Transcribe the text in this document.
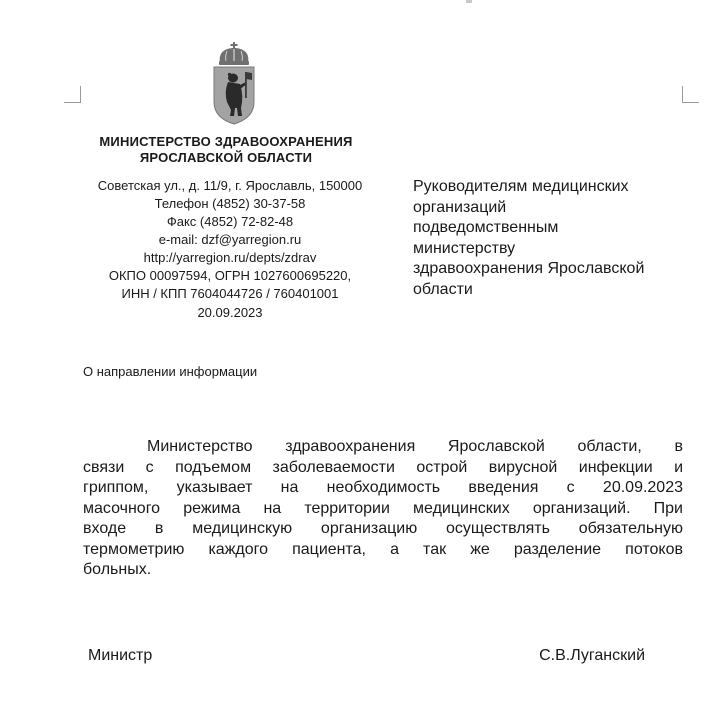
МИНИСТЕРСТВО ЗДРАВООХРАНЕНИЯ
ЯРОСЛАВСКОЙ ОБЛАСТИ
Советская ул., д. 11/9, г. Ярославль, 150000
Телефон (4852) 30-37-58
Факс (4852) 72-82-48
e-mail: dzf@yarregion.ru
http://yarregion.ru/depts/zdrav
ОКПО 00097594, ОГРН 1027600695220,
ИНН / КПП 7604044726 / 760401001
20.09.2023
Руководителям медицинских
организаций
подведомственным
министерству
здравоохранения Ярославской
области
О направлении информации
Министерство здравоохранения Ярославской области, в
связи с подъемом заболеваемости острой вирусной инфекции и
гриппом, указывает на необходимость введения с 20.09.2023
масочного режима на территории медицинских организаций. При
входе в медицинскую организацию осуществлять обязательную
термометрию каждого пациента, а так же разделение потоков
больных.
Министр	С.В.Луганский
